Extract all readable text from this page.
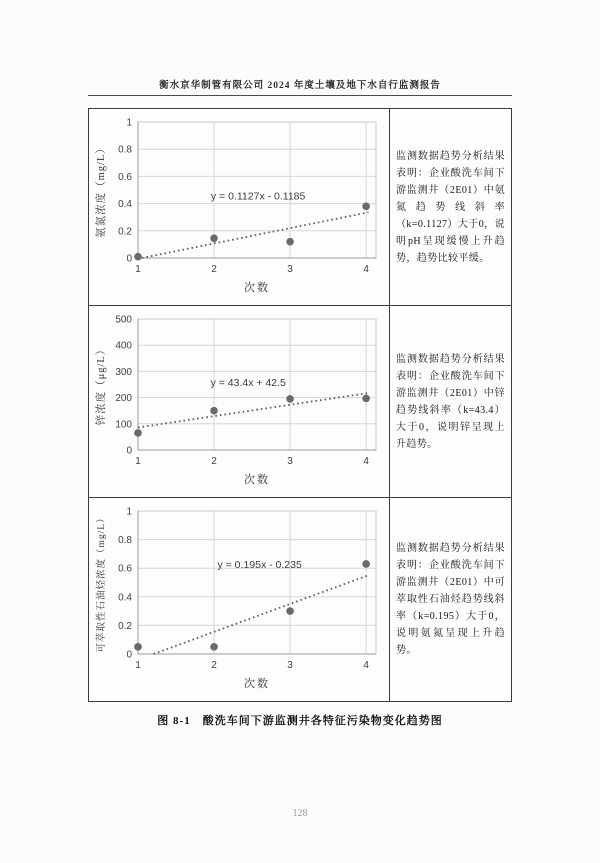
衡水京华制管有限公司 2024 年度土壤及地下水自行监测报告
0
0.2
0.4
0.6
0.8
1
1	2	3	4
次数
氨氮浓度（mg/L）	y = 0.1127x - 0.1185
监测数据趋势分析结果表明：企业酸洗车间下游监测井（2E01）中氨氮趋势线斜率（k=0.1127）大于0，说明pH呈现缓慢上升趋势，趋势比较平缓。
0
100
200
300
400
500
1	2	3	4
次数
锌浓度（μg/L）	y = 43.4x + 42.5
监测数据趋势分析结果表明：企业酸洗车间下游监测井（2E01）中锌趋势线斜率（k=43.4）大于0，说明锌呈现上升趋势。
0
0.2
0.4
0.6
0.8
1
1	2	3	4
次数
可萃取性石油烃浓度（mg/L）	y = 0.195x - 0.235
监测数据趋势分析结果表明：企业酸洗车间下游监测井（2E01）中可萃取性石油烃趋势线斜率（k=0.195）大于0，说明氨氮呈现上升趋势。
图 8-1　酸洗车间下游监测井各特征污染物变化趋势图
128
